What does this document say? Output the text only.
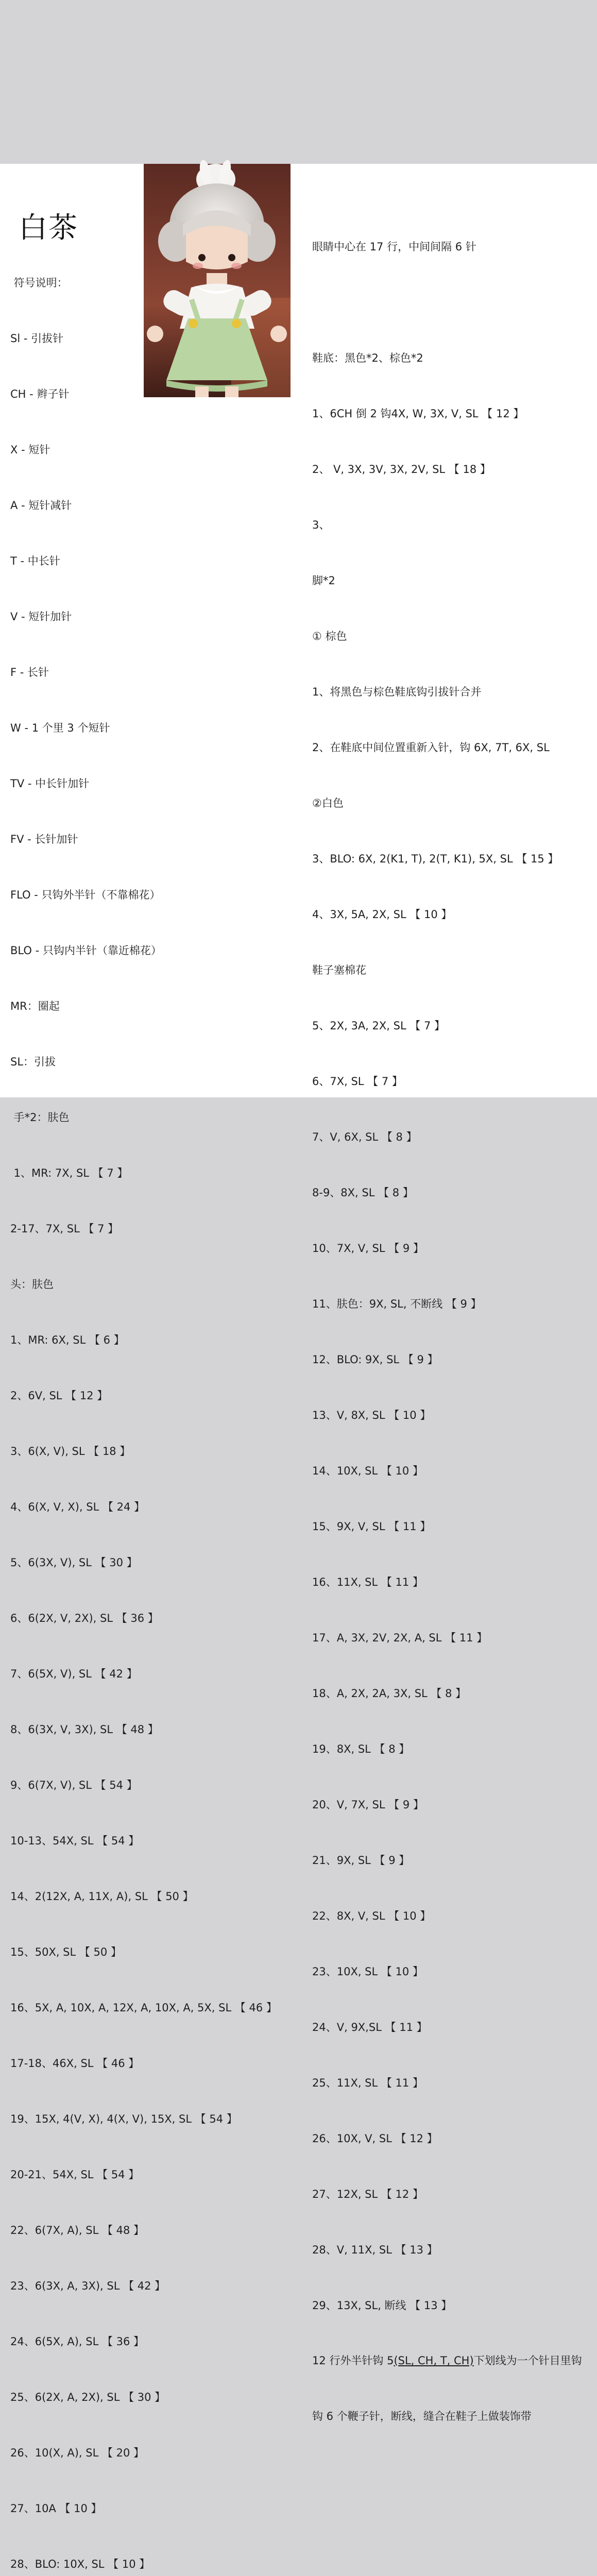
白茶

符号说明：

Sl - 引拔针

CH - 辫子针

X - 短针

A - 短针减针

T - 中长针

V - 短针加针

F - 长针

W - 1 个里 3 个短针

TV - 中长针加针

FV - 长针加针

FLO - 只钩外半针（不靠棉花）

BLO - 只钩内半针（靠近棉花）

MR：圈起

SL：引拔

手*2：肤色

1、MR: 7X, SL 【 7 】

2-17、7X, SL 【 7 】

头：肤色

1、MR: 6X, SL 【 6 】

2、6V, SL 【 12 】

3、6(X, V), SL 【 18 】

4、6(X, V, X), SL 【 24 】

5、6(3X, V), SL 【 30 】

6、6(2X, V, 2X), SL 【 36 】

7、6(5X, V), SL 【 42 】

8、6(3X, V, 3X), SL 【 48 】

9、6(7X, V), SL 【 54 】

10-13、54X, SL 【 54 】

14、2(12X, A, 11X, A), SL 【 50 】

15、50X, SL 【 50 】

16、5X, A, 10X, A, 12X, A, 10X, A, 5X, SL 【 46 】

17-18、46X, SL 【 46 】

19、15X, 4(V, X), 4(X, V), 15X, SL 【 54 】

20-21、54X, SL 【 54 】

22、6(7X, A), SL 【 48 】

23、6(3X, A, 3X), SL 【 42 】

24、6(5X, A), SL 【 36 】

25、6(2X, A, 2X), SL 【 30 】

26、10(X, A), SL 【 20 】

27、10A 【 10 】

28、BLO: 10X, SL 【 10 】

眼睛中心在 17 行，中间间隔 6 针

鞋底：黑色*2、棕色*2

1、6CH 倒 2 钩4X, W, 3X, V, SL 【 12 】

2、 V, 3X, 3V, 3X, 2V, SL 【 18 】

3、

脚*2

① 棕色

1、将黑色与棕色鞋底钩引拔针合并

2、在鞋底中间位置重新入针，钩 6X, 7T, 6X, SL

②白色

3、BLO: 6X, 2(K1, T), 2(T, K1), 5X, SL 【 15 】

4、3X, 5A, 2X, SL 【 10 】

鞋子塞棉花

5、2X, 3A, 2X, SL 【 7 】

6、7X, SL 【 7 】

7、V, 6X, SL 【 8 】

8-9、8X, SL 【 8 】

10、7X, V, SL 【 9 】

11、肤色：9X, SL, 不断线 【 9 】

12、BLO: 9X, SL 【 9 】

13、V, 8X, SL 【 10 】

14、10X, SL 【 10 】

15、9X, V, SL 【 11 】

16、11X, SL 【 11 】

17、A, 3X, 2V, 2X, A, SL 【 11 】

18、A, 2X, 2A, 3X, SL 【 8 】

19、8X, SL 【 8 】

20、V, 7X, SL 【 9 】

21、9X, SL 【 9 】

22、8X, V, SL 【 10 】

23、10X, SL 【 10 】

24、V, 9X,SL 【 11 】

25、11X, SL 【 11 】

26、10X, V, SL 【 12 】

27、12X, SL 【 12 】

28、V, 11X, SL 【 13 】

29、13X, SL, 断线 【 13 】

12 行外半针钩 5(SL, CH, T, CH)下划线为一个针目里钩

钩 6 个鞭子针，断线，缝合在鞋子上做装饰带
